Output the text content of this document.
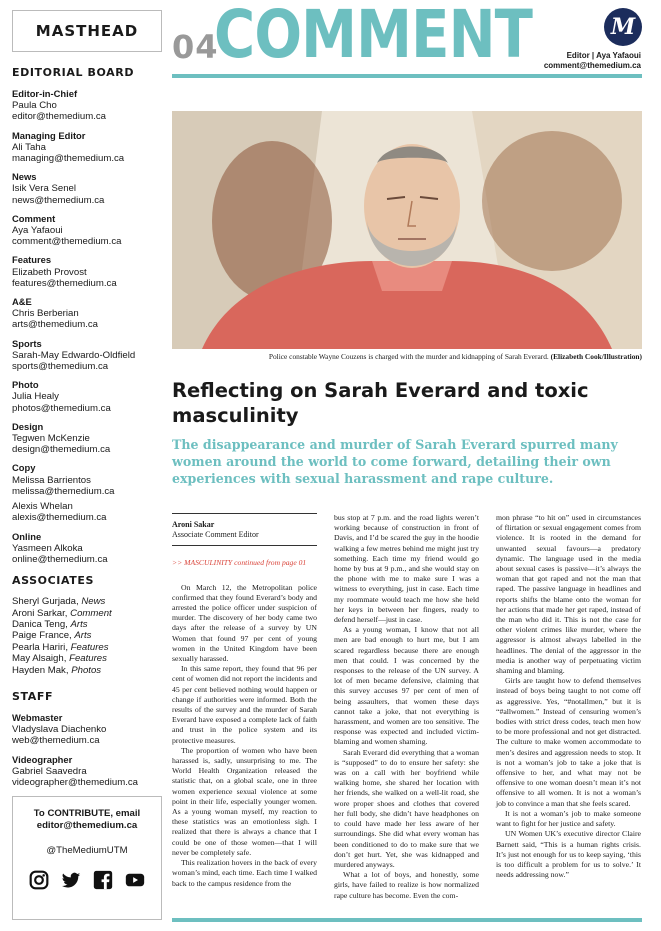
MASTHEAD
EDITORIAL BOARD
Editor-in-Chief
Paula Cho
editor@themedium.ca
Managing Editor
Ali Taha
managing@themedium.ca
News
Isik Vera Senel
news@themedium.ca
Comment
Aya Yafaoui
comment@themedium.ca
Features
Elizabeth Provost
features@themedium.ca
A&E
Chris Berberian
arts@themedium.ca
Sports
Sarah-May Edwardo-Oldfield
sports@themedium.ca
Photo
Julia Healy
photos@themedium.ca
Design
Tegwen McKenzie
design@themedium.ca
Copy
Melissa Barrientos
melissa@themedium.ca
Alexis Whelan
alexis@themedium.ca
Online
Yasmeen Alkoka
online@themedium.ca
ASSOCIATES
Sheryl Gurjada, News
Aroni Sarkar, Comment
Danica Teng, Arts
Paige France, Arts
Pearla Hariri, Features
May Alsaigh, Features
Hayden Mak, Photos
STAFF
Webmaster
Vladyslava Diachenko
web@themedium.ca
Videographer
Gabriel Saavedra
videographer@themedium.ca
To CONTRIBUTE, email
editor@themedium.ca
@TheMediumUTM
04
COMMENT	M
Editor | Aya Yafaoui
comment@themedium.ca
Police constable Wayne Couzens is charged with the murder and kidnapping of Sarah Everard. (Elizabeth Cook/Illustration)
Reflecting on Sarah Everard and toxic masculinity
The disappearance and murder of Sarah Everard spurred many women around the world to come forward, detailing their own experiences with sexual harassment and rape culture.
Aroni Sakar
Associate Comment Editor
>> MASCULINITY continued from page 01

On March 12, the Metropolitan police confirmed that they found Everard’s body and arrested the police officer under suspicion of murder. The discovery of her body came two days after the release of a survey by UN Women that found 97 per cent of young women in the United Kingdom have been sexually harassed.

In this same report, they found that 96 per cent of women did not report the incidents and 45 per cent believed nothing would happen or change if authorities were informed. Both the results of the survey and the murder of Sarah Everard have exposed a complete lack of faith and trust in the police system and its protective measures.

The proportion of women who have been harassed is, sadly, unsurprising to me. The World Health Organization released the statistic that, on a global scale, one in three women experience sexual violence at some point in their life, especially younger women. As a young woman myself, my reaction to these statistics was an emotionless sigh. I realized that there is always a chance that I could be one of those women—that I will never be completely safe.

This realization hovers in the back of every woman’s mind, each time. Each time I walked back to the campus residence from the

bus stop at 7 p.m. and the road lights weren’t working because of construction in front of Davis, and I’d be scared the guy in the hoodie walking a few metres behind me might just try something. Each time my friend would go home by bus at 9 p.m., and she would stay on the phone with me to make sure I was a witness to everything, just in case. Each time my roommate would teach me how she held her keys in between her fingers, ready to defend herself—just in case.

As a young woman, I know that not all men are bad enough to hurt me, but I am scared regardless because there are enough men that could. I was concerned by the responses to the release of the UN survey. A lot of men became defensive, claiming that this survey accuses 97 per cent of men of being assaulters, that women these days cannot take a joke, that not everything is harassment, and women are too sensitive. The response was expected and included victim-blaming and women shaming.

Sarah Everard did everything that a woman is “supposed” to do to ensure her safety: she was on a call with her boyfriend while walking home, she shared her location with her friends, she walked on a well-lit road, she wore proper shoes and clothes that covered her full body, she didn’t have headphones on to could have made her less aware of her surroundings. She did what every woman has been conditioned to do to make sure that we don’t get hurt. Yet, she was kidnapped and murdered anyways.

What a lot of boys, and honestly, some girls, have failed to realize is how normalized rape culture has become. Even the com-

mon phrase “to hit on” used in circumstances of flirtation or sexual engagement comes from violence. It is rooted in the demand for unwanted sexual favours—a predatory dynamic. The language used in the media about sexual cases is passive—it’s always the woman that got raped and not the man that raped. The passive language in headlines and reports shifts the blame onto the woman for her actions that made her get raped, instead of the man who did it. This is not the case for other violent crimes like murder, where the aggressor is almost always labelled in the headlines. The denial of the aggressor in the media is another way of perpetuating victim shaming and blaming.

Girls are taught how to defend themselves instead of boys being taught to not come off as aggressive. Yes, “#notallmen,” but it is “#allwomen.” Instead of censuring women’s bodies with strict dress codes, teach men how to be more professional and not get distracted. The culture to make women accommodate to men’s desires and aggression needs to stop. It is not a woman’s job to take a joke that is offensive to her, and what may not be offensive to one woman doesn’t mean it’s not offensive to all women. It is not a woman’s job to convince a man that she feels scared.

It is not a woman’s job to make someone want to fight for her justice and safety.

UN Women UK’s executive director Claire Barnett said, “This is a human rights crisis. It’s just not enough for us to keep saying, ‘this is too difficult a problem for us to solve.’ It needs addressing now.”
